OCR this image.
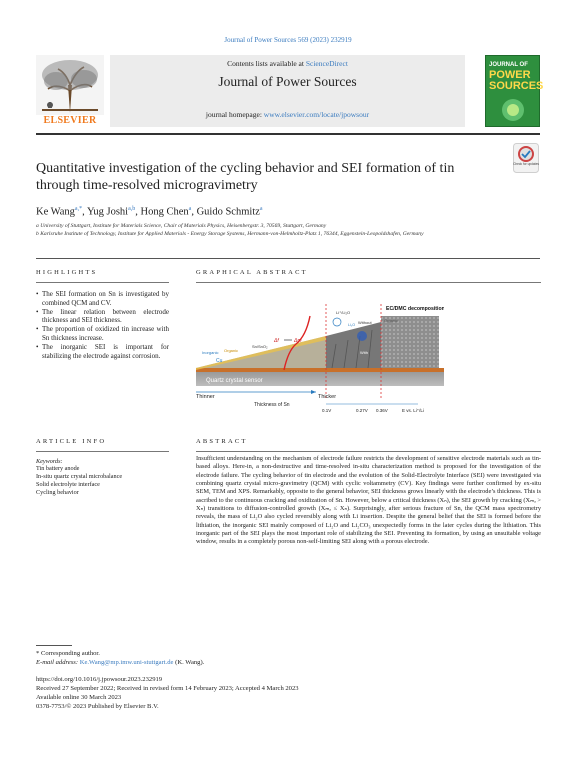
Journal of Power Sources 569 (2023) 232919
ELSEVIER
Contents lists available at ScienceDirect
Journal of Power Sources
journal homepage: www.elsevier.com/locate/jpowsour
JOURNAL OF
POWER SOURCES
Quantitative investigation of the cycling behavior and SEI formation of tin through time-resolved microgravimetry
Check for updates
Ke Wang$^{a,*}$, Yug Joshi$^{a,b}$, Hong Chen$^a$, Guido Schmitz$^a$
a University of Stuttgart, Institute for Materials Science, Chair of Materials Physics, Heisenbergstr. 3, 70569, Stuttgart, Germany
b Karlsruhe Institute of Technology, Institute for Applied Materials - Energy Storage Systems, Hermann-von-Helmholtz-Platz 1, 76344, Eggenstein-Leopoldshafen, Germany
HIGHLIGHTS
• The SEI formation on Sn is investigated by combined QCM and CV.
• The linear relation between electrode thickness and SEI thickness.
• The proportion of oxidized tin increase with Sn thickness increase.
• The inorganic SEI is important for stabilizing the electrode against corrosion.
GRAPHICAL ABSTRACT
Quartz crystal sensor
Cu
Inorganic Organic
Sn/SnO₂
Δf	Δm
EC/DMC decomposition
Organic
Without
With
Li⁺/Li₂O
Li₂O
Thinner	Thicker
Thickness of Sn
0.1V	0.27V 0.36V	E vs. Li⁺/Li
ARTICLE INFO
Keywords:
Tin battery anode
In-situ quartz crystal microbalance
Solid electrolyte interface
Cycling behavior
ABSTRACT
Insufficient understanding on the mechanism of electrode failure restricts the development of sensitive electrode materials such as tin-based alloys. Here-in, a non-destructive and time-resolved in-situ characterization method is proposed for the investigation of the electrode failure. The cycling behavior of tin electrode and the evolution of the Solid-Electrolyte Interface (SEI) were investigated via combining quartz crystal micro-gravimetry (QCM) with cyclic voltammetry (CV). Key findings were further confirmed by ex-situ SEM, TEM and XPS. Remarkably, opposite to the general behavior, SEI thickness grows linearly with the electrode’s thickness. This is ascribed to the continuous cracking and oxidization of Sn. However, below a critical thickness (Xₙ), the SEI growth by cracking (Xₘₐ > Xₙ) transitions to diffusion-controlled growth (Xₘₐ ≤ Xₙ). Surprisingly, after serious fracture of Sn, the QCM mass spectrometry reveals, the mass of Li₂O also cycled reversibly along with Li insertion. Despite the general belief that the SEI is formed before the lithiation, the inorganic SEI mainly composed of Li₂O and Li₂CO₃ unexpectedly forms in the later cycles during the lithiation. This inorganic part of the SEI plays the most important role of stabilizing the SEI. Preventing its formation, by using an unsuitable voltage window, results in a completely porous non-self-limiting SEI along with a porous electrode.
* Corresponding author.
E-mail address: Ke.Wang@mp.imw.uni-stuttgart.de (K. Wang).
https://doi.org/10.1016/j.jpowsour.2023.232919
Received 27 September 2022; Received in revised form 14 February 2023; Accepted 4 March 2023
Available online 30 March 2023
0378-7753/© 2023 Published by Elsevier B.V.
